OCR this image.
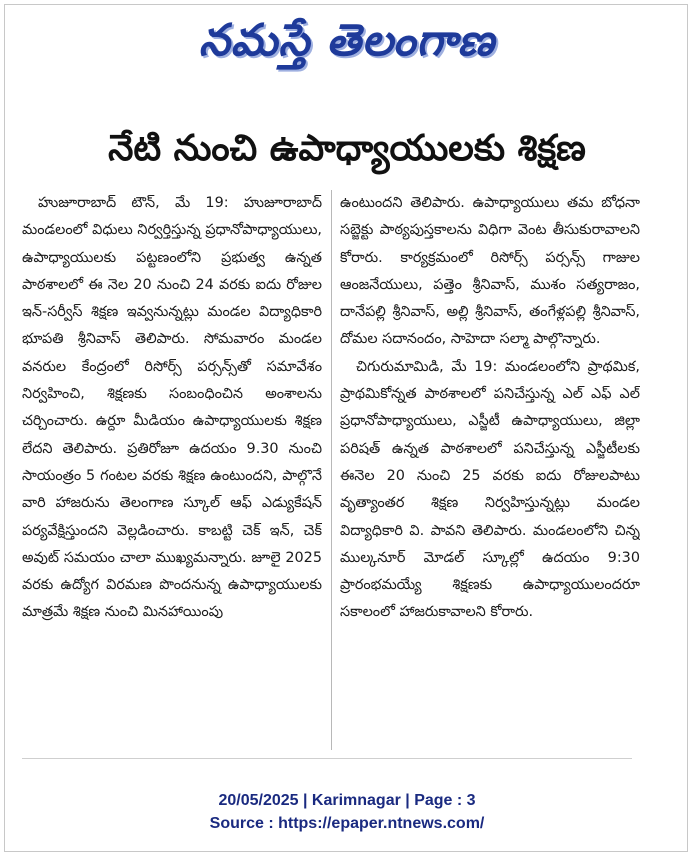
నమస్తే తెలంగాణ
నేటి నుంచి ఉపాధ్యాయులకు శిక్షణ

హుజూరాబాద్ టౌన్, మే 19: హుజూరాబాద్ మండలంలో విధులు నిర్వర్తిస్తున్న ప్రధానోపాధ్యాయులు, ఉపాధ్యాయులకు పట్టణంలోని ప్రభుత్వ ఉన్నత పాఠశాలలో ఈ నెల 20 నుంచి 24 వరకు ఐదు రోజుల ఇన్-సర్వీస్ శిక్షణ ఇవ్వనున్నట్లు మండల విద్యాధికారి భూపతి శ్రీనివాస్ తెలిపారు. సోమవారం మండల వనరుల కేంద్రంలో రిసోర్స్ పర్సన్స్‌తో సమావేశం నిర్వహించి, శిక్షణకు సంబంధించిన అంశాలను చర్చించారు. ఉర్దూ మీడియం ఉపాధ్యాయులకు శిక్షణ లేదని తెలిపారు. ప్రతిరోజూ ఉదయం 9.30 నుంచి సాయంత్రం 5 గంటల వరకు శిక్షణ ఉంటుందని, పాల్గొనే వారి హాజరును తెలంగాణ స్కూల్ ఆఫ్ ఎడ్యుకేషన్ పర్యవేక్షిస్తుందని వెల్లడించారు. కాబట్టి చెక్ ఇన్, చెక్ అవుట్ సమయం చాలా ముఖ్యమన్నారు. జూలై 2025 వరకు ఉద్యోగ విరమణ పొందనున్న ఉపాధ్యాయులకు మాత్రమే శిక్షణ నుంచి మినహాయింపు

ఉంటుందని తెలిపారు. ఉపాధ్యాయులు తమ బోధనా సబ్జెక్టు పాఠ్యపుస్తకాలను విధిగా వెంట తీసుకురావాలని కోరారు. కార్యక్రమంలో రిసోర్స్ పర్సన్స్ గాజుల ఆంజనేయులు, పత్తెం శ్రీనివాస్, ముశం సత్యరాజం, దానేపల్లి శ్రీనివాస్, అల్లి శ్రీనివాస్, తంగేళ్లపల్లి శ్రీనివాస్, దోమల సదానందం, సాహెదా సల్మా పాల్గొన్నారు.

చిగురుమామిడి, మే 19: మండలంలోని ప్రాథమిక, ప్రాథమికోన్నత పాఠశాలలో పనిచేస్తున్న ఎల్ ఎఫ్ ఎల్ ప్రధానోపాధ్యాయులు, ఎస్జీటీ ఉపాధ్యాయులు, జిల్లా పరిషత్ ఉన్నత పాఠశాలలో పనిచేస్తున్న ఎస్జీటీలకు ఈనెల 20 నుంచి 25 వరకు ఐదు రోజులపాటు వృత్యాంతర శిక్షణ నిర్వహిస్తున్నట్లు మండల విద్యాధికారి వి. పావని తెలిపారు. మండలంలోని చిన్న ముల్కనూర్ మోడల్ స్కూల్లో ఉదయం 9:30 ప్రారంభమయ్యే శిక్షణకు ఉపాధ్యాయులందరూ సకాలంలో హాజరుకావాలని కోరారు.

20/05/2025 | Karimnagar | Page : 3
Source : https://epaper.ntnews.com/
